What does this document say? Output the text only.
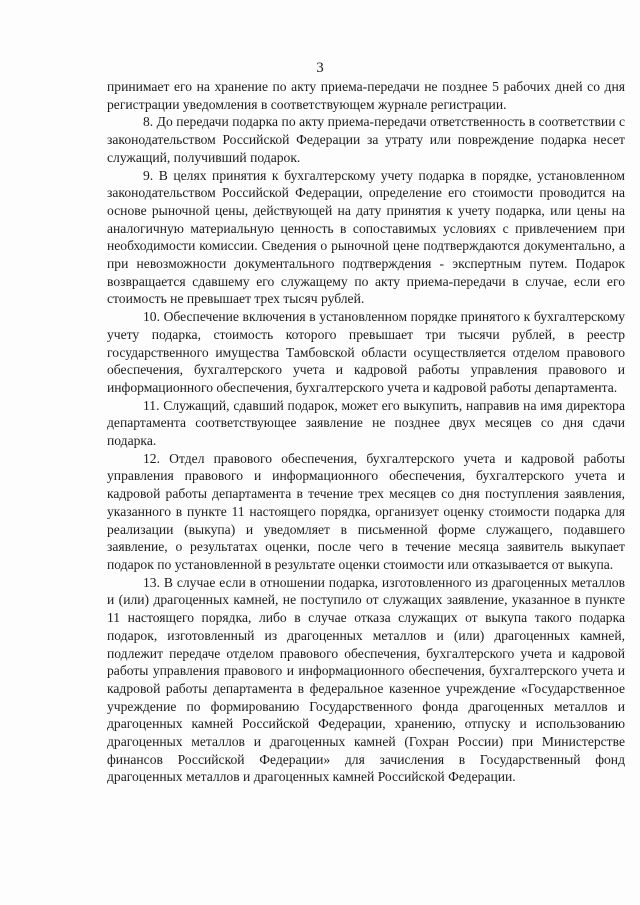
3

принимает его на хранение по акту приема-передачи не позднее 5 рабочих дней со дня регистрации уведомления в соответствующем журнале регистрации.

8. До передачи подарка по акту приема-передачи ответственность в соответствии с законодательством Российской Федерации за утрату или повреждение подарка несет служащий, получивший подарок.

9. В целях принятия к бухгалтерскому учету подарка в порядке, установленном законодательством Российской Федерации, определение его стоимости проводится на основе рыночной цены, действующей на дату принятия к учету подарка, или цены на аналогичную материальную ценность в сопоставимых условиях с привлечением при необходимости комиссии. Сведения о рыночной цене подтверждаются документально, а при невозможности документального подтверждения - экспертным путем. Подарок возвращается сдавшему его служащему по акту приема-передачи в случае, если его стоимость не превышает трех тысяч рублей.

10. Обеспечение включения в установленном порядке принятого к бухгалтерскому учету подарка, стоимость которого превышает три тысячи рублей, в реестр государственного имущества Тамбовской области осуществляется отделом правового обеспечения, бухгалтерского учета и кадровой работы управления правового и информационного обеспечения, бухгалтерского учета и кадровой работы департамента.

11. Служащий, сдавший подарок, может его выкупить, направив на имя директора департамента соответствующее заявление не позднее двух месяцев со дня сдачи подарка.

12. Отдел правового обеспечения, бухгалтерского учета и кадровой работы управления правового и информационного обеспечения, бухгалтерского учета и кадровой работы департамента в течение трех месяцев со дня поступления заявления, указанного в пункте 11 настоящего порядка, организует оценку стоимости подарка для реализации (выкупа) и уведомляет в письменной форме служащего, подавшего заявление, о результатах оценки, после чего в течение месяца заявитель выкупает подарок по установленной в результате оценки стоимости или отказывается от выкупа.

13. В случае если в отношении подарка, изготовленного из драгоценных металлов и (или) драгоценных камней, не поступило от служащих заявление, указанное в пункте 11 настоящего порядка, либо в случае отказа служащих от выкупа такого подарка подарок, изготовленный из драгоценных металлов и (или) драгоценных камней, подлежит передаче отделом правового обеспечения, бухгалтерского учета и кадровой работы управления правового и информационного обеспечения, бухгалтерского учета и кадровой работы департамента в федеральное казенное учреждение «Государственное учреждение по формированию Государственного фонда драгоценных металлов и драгоценных камней Российской Федерации, хранению, отпуску и использованию драгоценных металлов и драгоценных камней (Гохран России) при Министерстве финансов Российской Федерации» для зачисления в Государственный фонд драгоценных металлов и драгоценных камней Российской Федерации.
